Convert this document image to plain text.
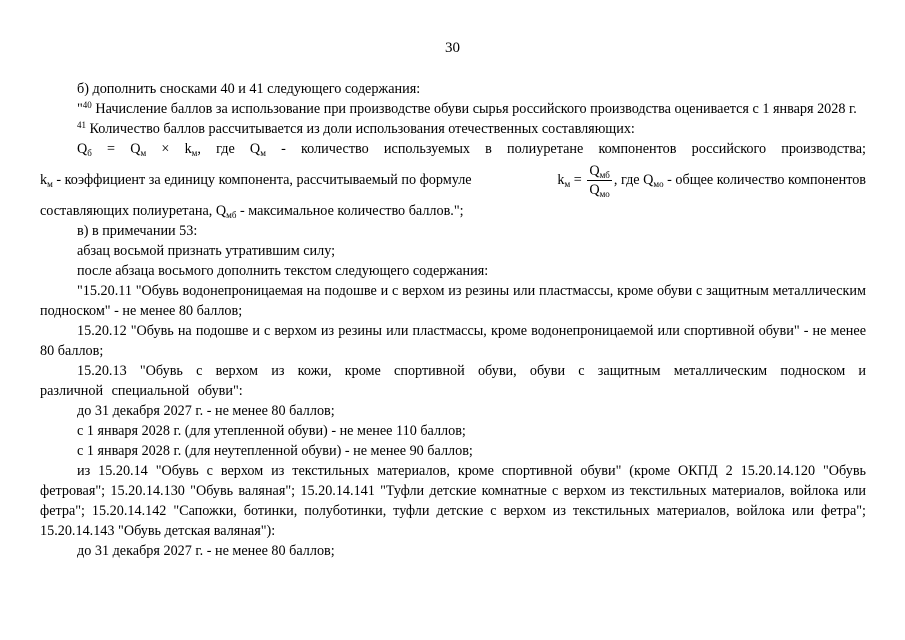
30

б) дополнить сносками 40 и 41 следующего содержания:

"$^{40}$ Начисление баллов за использование при производстве обуви сырья российского производства оценивается с 1 января 2028 г.

$^{41}$ Количество баллов рассчитывается из доли использования отечественных составляющих:

$Q_б = Q_м \times k_м$, где $Q_м$ - количество используемых в полиуретане компонентов российского производства;

$k_м$ - коэффициент за единицу компонента, рассчитываемый по формуле	$k_м = \frac{Q_{мб}}{Q_{мо}}$ , где $Q_{мо}$ - общее количество компонентов

составляющих полиуретана, $Q_{мб}$ - максимальное количество баллов.";

в) в примечании 53:

абзац восьмой признать утратившим силу;

после абзаца восьмого дополнить текстом следующего содержания:

"15.20.11 "Обувь водонепроницаемая на подошве и с верхом из резины или пластмассы, кроме обуви с защитным металлическим подноском" - не менее 80 баллов;

15.20.12 "Обувь на подошве и с верхом из резины или пластмассы, кроме водонепроницаемой или спортивной обуви" - не менее 80 баллов;

15.20.13 "Обувь с верхом из кожи, кроме спортивной обуви, обуви с защитным металлическим подноском и различной специальной обуви":

до 31 декабря 2027 г. - не менее 80 баллов;

с 1 января 2028 г. (для утепленной обуви) - не менее 110 баллов;

с 1 января 2028 г. (для неутепленной обуви) - не менее 90 баллов;

из 15.20.14 "Обувь с верхом из текстильных материалов, кроме спортивной обуви" (кроме ОКПД 2 15.20.14.120 "Обувь фетровая"; 15.20.14.130 "Обувь валяная"; 15.20.14.141 "Туфли детские комнатные с верхом из текстильных материалов, войлока или фетра"; 15.20.14.142 "Сапожки, ботинки, полуботинки, туфли детские с верхом из текстильных материалов, войлока или фетра"; 15.20.14.143 "Обувь детская валяная"):

до 31 декабря 2027 г. - не менее 80 баллов;
